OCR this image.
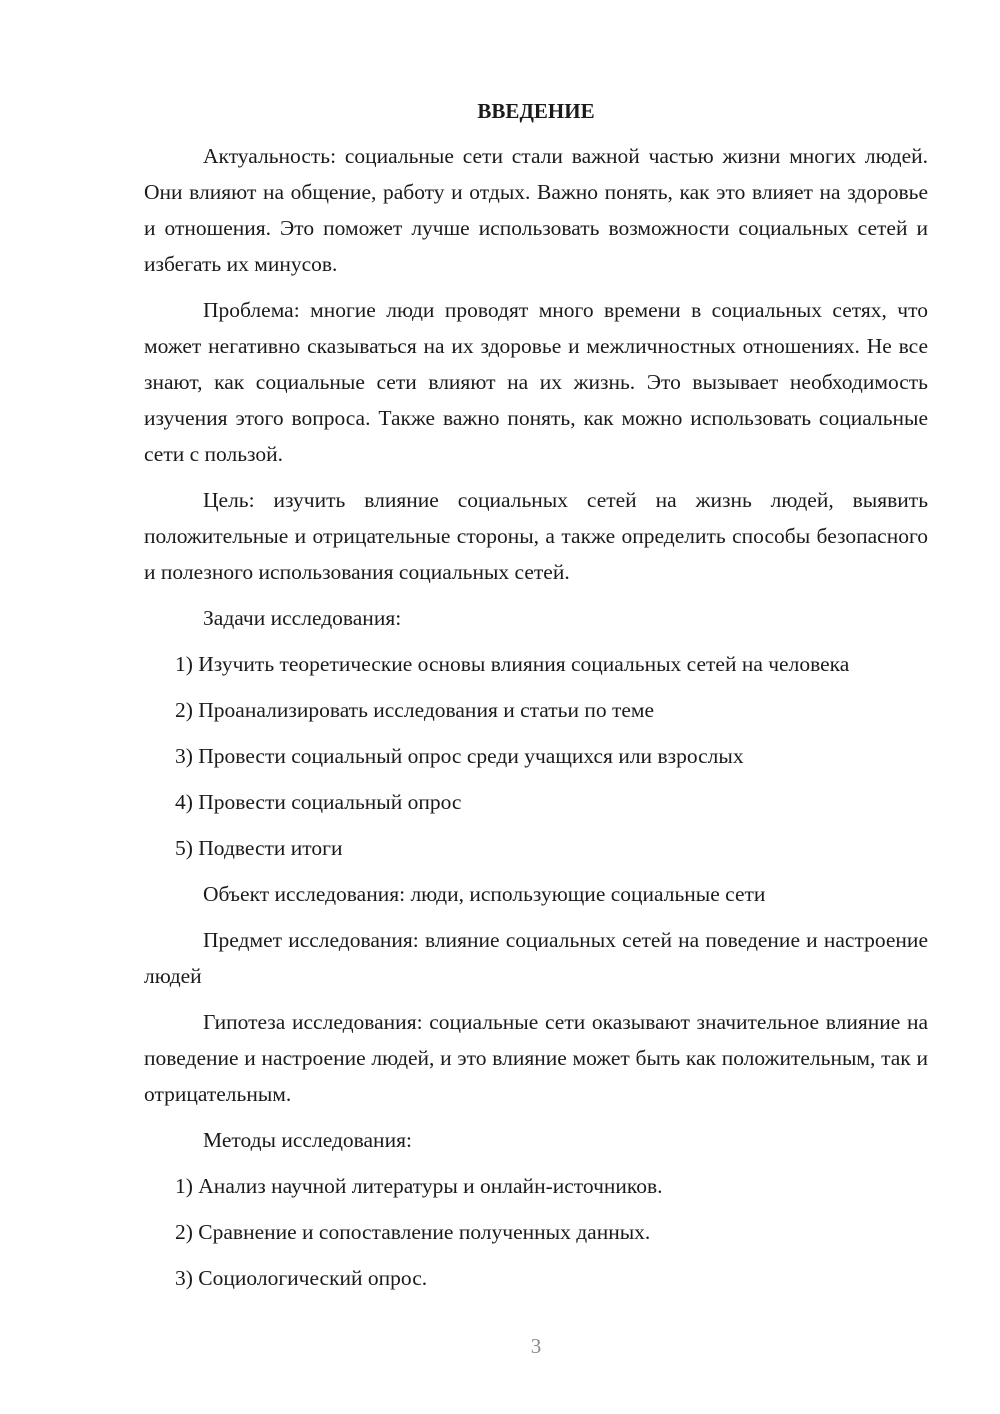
ВВЕДЕНИЕ

Актуальность: социальные сети стали важной частью жизни многих людей. Они влияют на общение, работу и отдых. Важно понять, как это влияет на здоровье и отношения. Это поможет лучше использовать возможности социальных сетей и избегать их минусов.

Проблема: многие люди проводят много времени в социальных сетях, что может негативно сказываться на их здоровье и межличностных отношениях. Не все знают, как социальные сети влияют на их жизнь. Это вызывает необходимость изучения этого вопроса. Также важно понять, как можно использовать социальные сети с пользой.

Цель: изучить влияние социальных сетей на жизнь людей, выявить положительные и отрицательные стороны, а также определить способы безопасного и полезного использования социальных сетей.

Задачи исследования:

1) Изучить теоретические основы влияния социальных сетей на человека

2) Проанализировать исследования и статьи по теме

3) Провести социальный опрос среди учащихся или взрослых

4) Провести социальный опрос

5) Подвести итоги

Объект исследования: люди, использующие социальные сети

Предмет исследования: влияние социальных сетей на поведение и настроение людей

Гипотеза исследования: социальные сети оказывают значительное влияние на поведение и настроение людей, и это влияние может быть как положительным, так и отрицательным.

Методы исследования:

1) Анализ научной литературы и онлайн-источников.

2) Сравнение и сопоставление полученных данных.

3) Социологический опрос.

3
